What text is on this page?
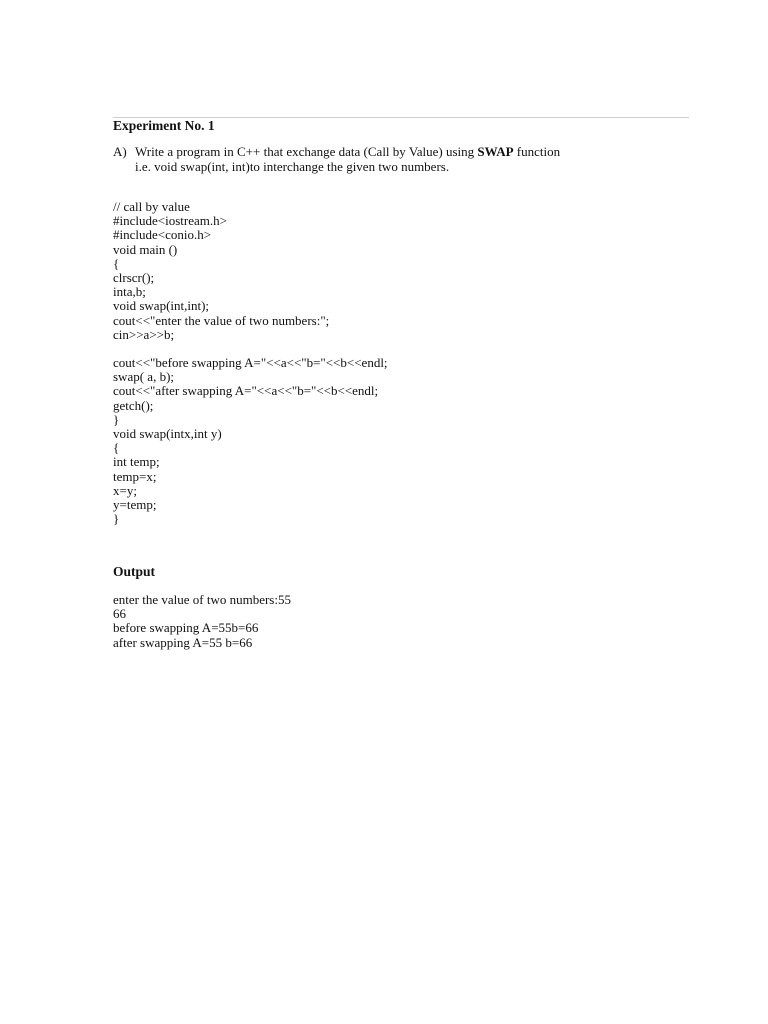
Experiment No. 1
A) Write a program in C++ that exchange data (Call by Value) using SWAP function
i.e. void swap(int, int)to interchange the given two numbers.
// call by value
#include<iostream.h>
#include<conio.h>
void main ()
{
clrscr();
inta,b;
void swap(int,int);
cout<<"enter the value of two numbers:";
cin>>a>>b;
cout<<"before swapping A="<<a<<"b="<<b<<endl;
swap( a, b);
cout<<"after swapping A="<<a<<"b="<<b<<endl;
getch();
}
void swap(intx,int y)
{
int temp;
temp=x;
x=y;
y=temp;
}
Output
enter the value of two numbers:55
66
before swapping A=55b=66
after swapping A=55 b=66
